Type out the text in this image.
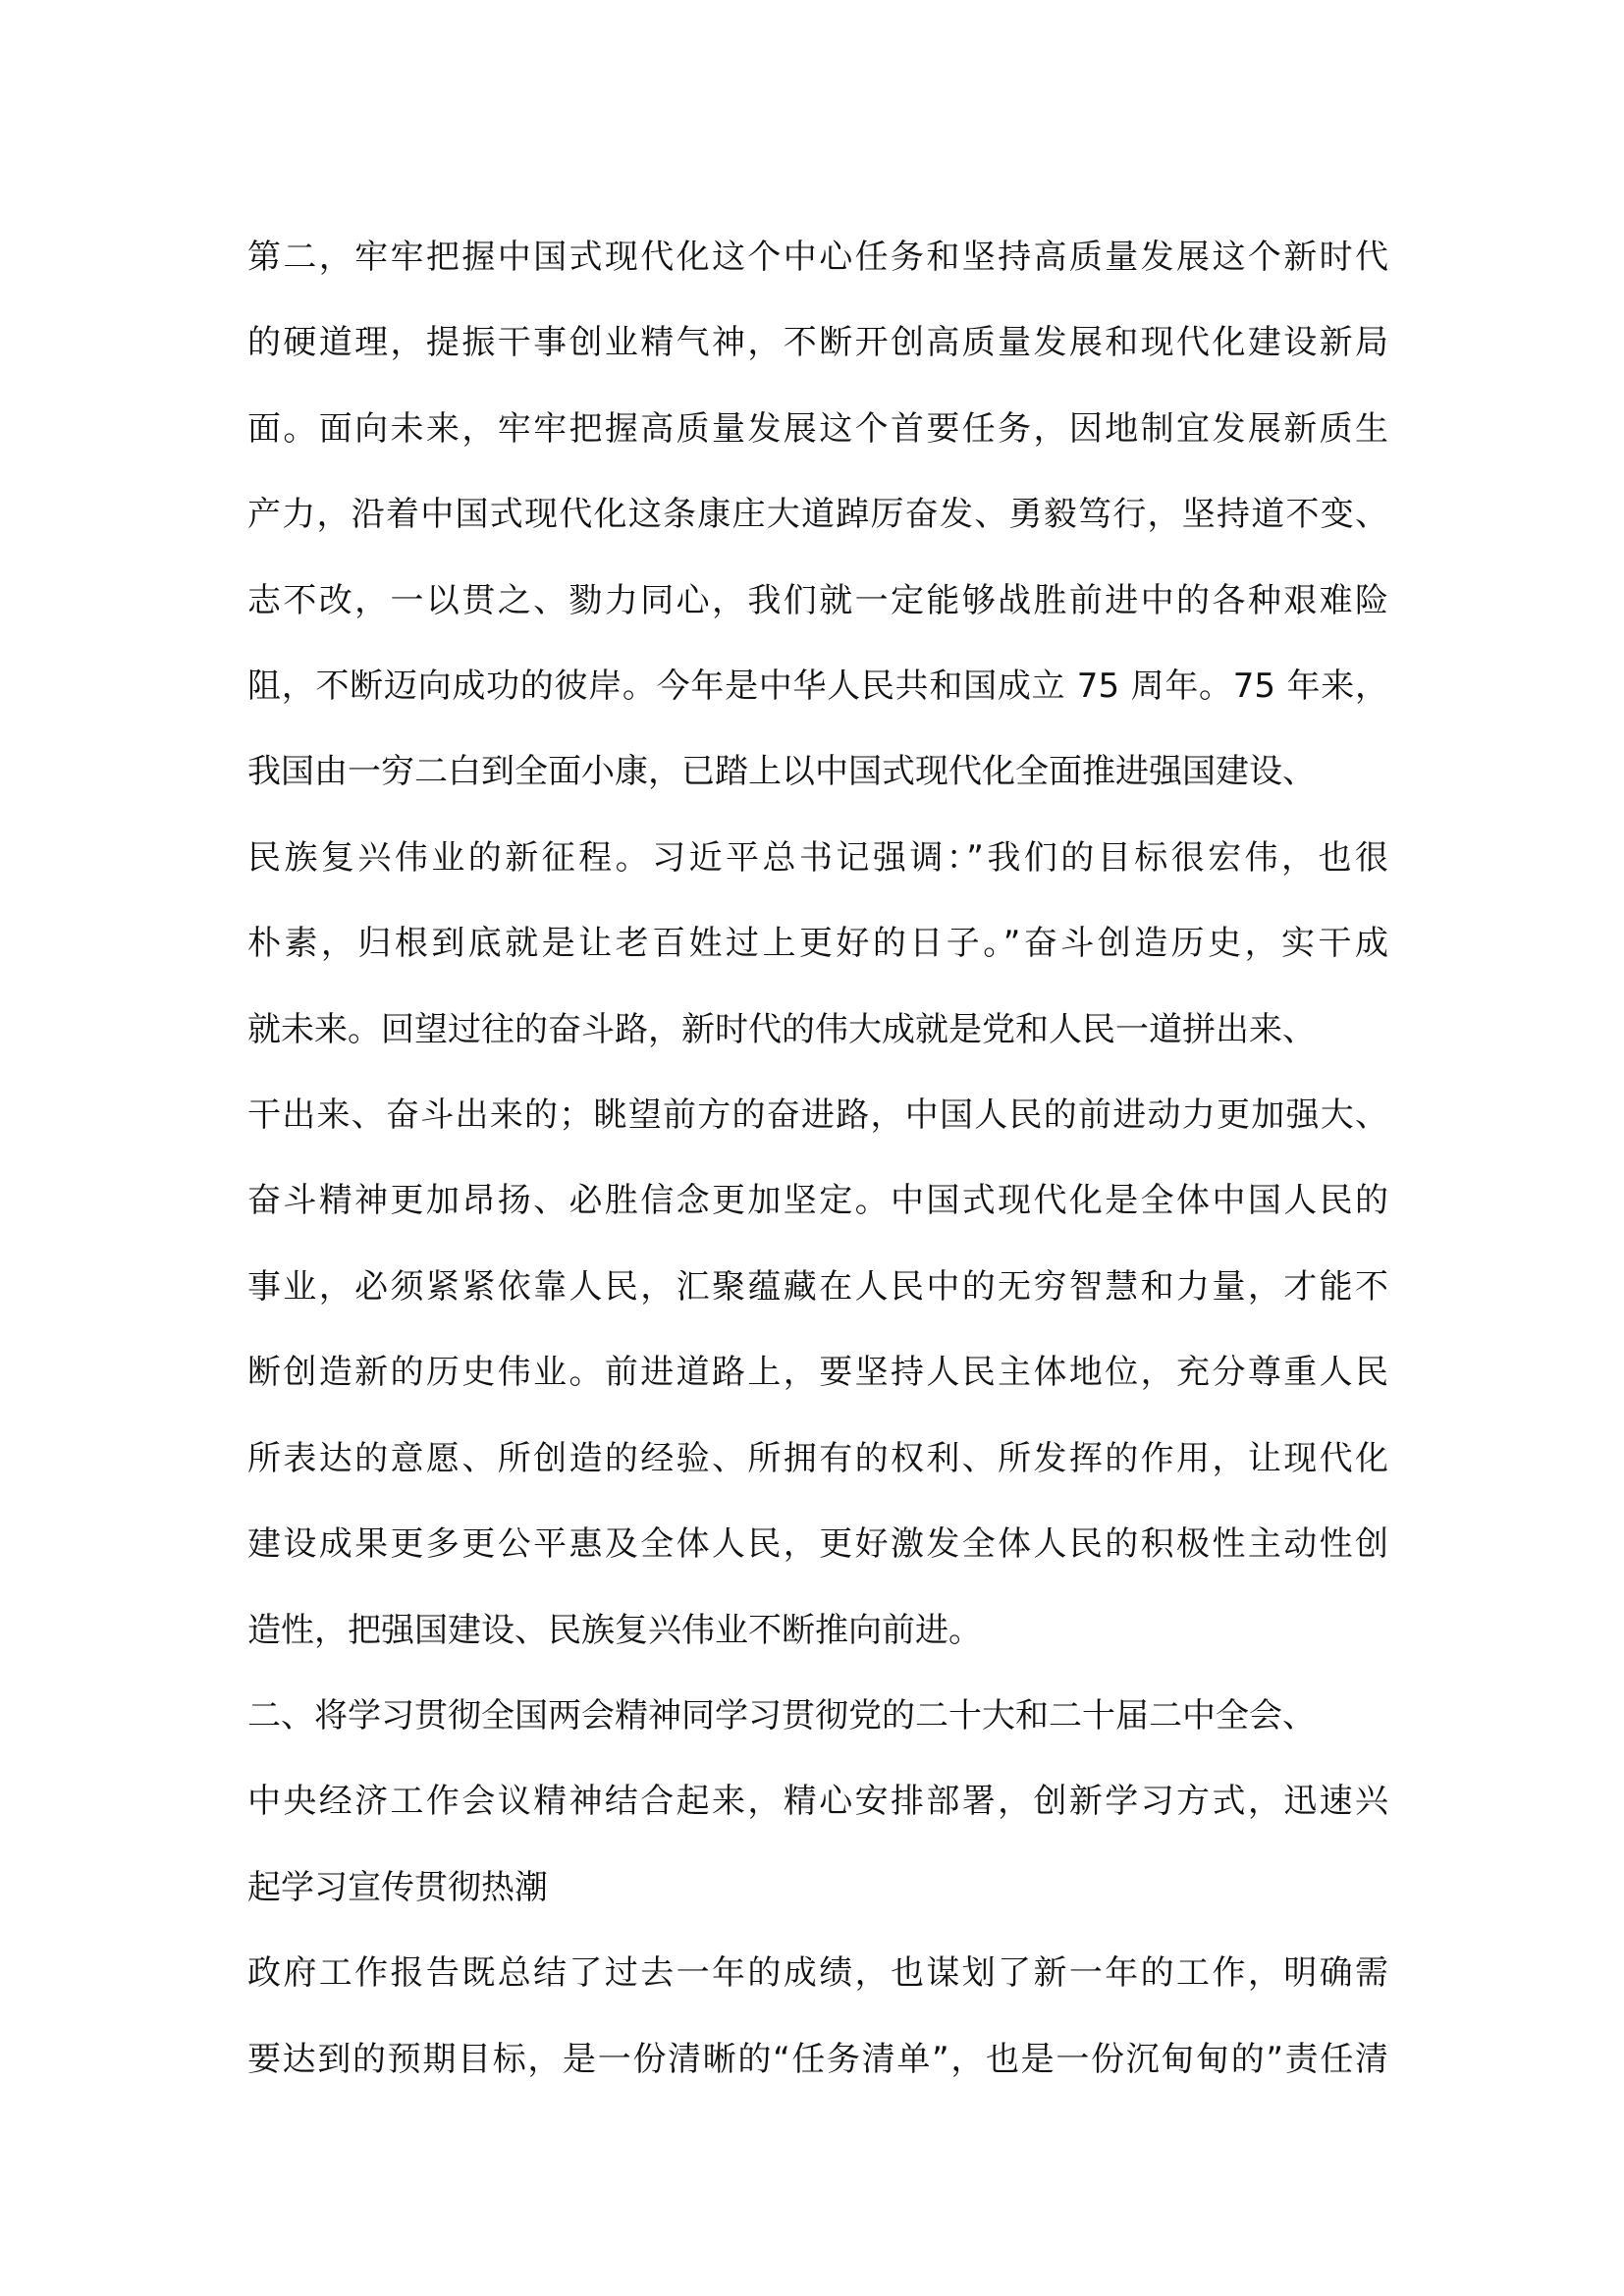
第二，牢牢把握中国式现代化这个中心任务和坚持高质量发展这个新时代
的硬道理，提振干事创业精气神，不断开创高质量发展和现代化建设新局
面。面向未来，牢牢把握高质量发展这个首要任务，因地制宜发展新质生
产力，沿着中国式现代化这条康庄大道踔厉奋发、勇毅笃行，坚持道不变、
志不改，一以贯之、勠力同心，我们就一定能够战胜前进中的各种艰难险
阻，不断迈向成功的彼岸。今年是中华人民共和国成立 75 周年。75 年来，
我国由一穷二白到全面小康，已踏上以中国式现代化全面推进强国建设、
民族复兴伟业的新征程。习近平总书记强调：”我们的目标很宏伟，也很
朴素，归根到底就是让老百姓过上更好的日子。”奋斗创造历史，实干成
就未来。回望过往的奋斗路，新时代的伟大成就是党和人民一道拼出来、
干出来、奋斗出来的；眺望前方的奋进路，中国人民的前进动力更加强大、
奋斗精神更加昂扬、必胜信念更加坚定。中国式现代化是全体中国人民的
事业，必须紧紧依靠人民，汇聚蕴藏在人民中的无穷智慧和力量，才能不
断创造新的历史伟业。前进道路上，要坚持人民主体地位，充分尊重人民
所表达的意愿、所创造的经验、所拥有的权利、所发挥的作用，让现代化
建设成果更多更公平惠及全体人民，更好激发全体人民的积极性主动性创
造性，把强国建设、民族复兴伟业不断推向前进。
二、将学习贯彻全国两会精神同学习贯彻党的二十大和二十届二中全会、
中央经济工作会议精神结合起来，精心安排部署，创新学习方式，迅速兴
起学习宣传贯彻热潮
政府工作报告既总结了过去一年的成绩，也谋划了新一年的工作，明确需
要达到的预期目标，是一份清晰的“任务清单”，也是一份沉甸甸的”责任清
